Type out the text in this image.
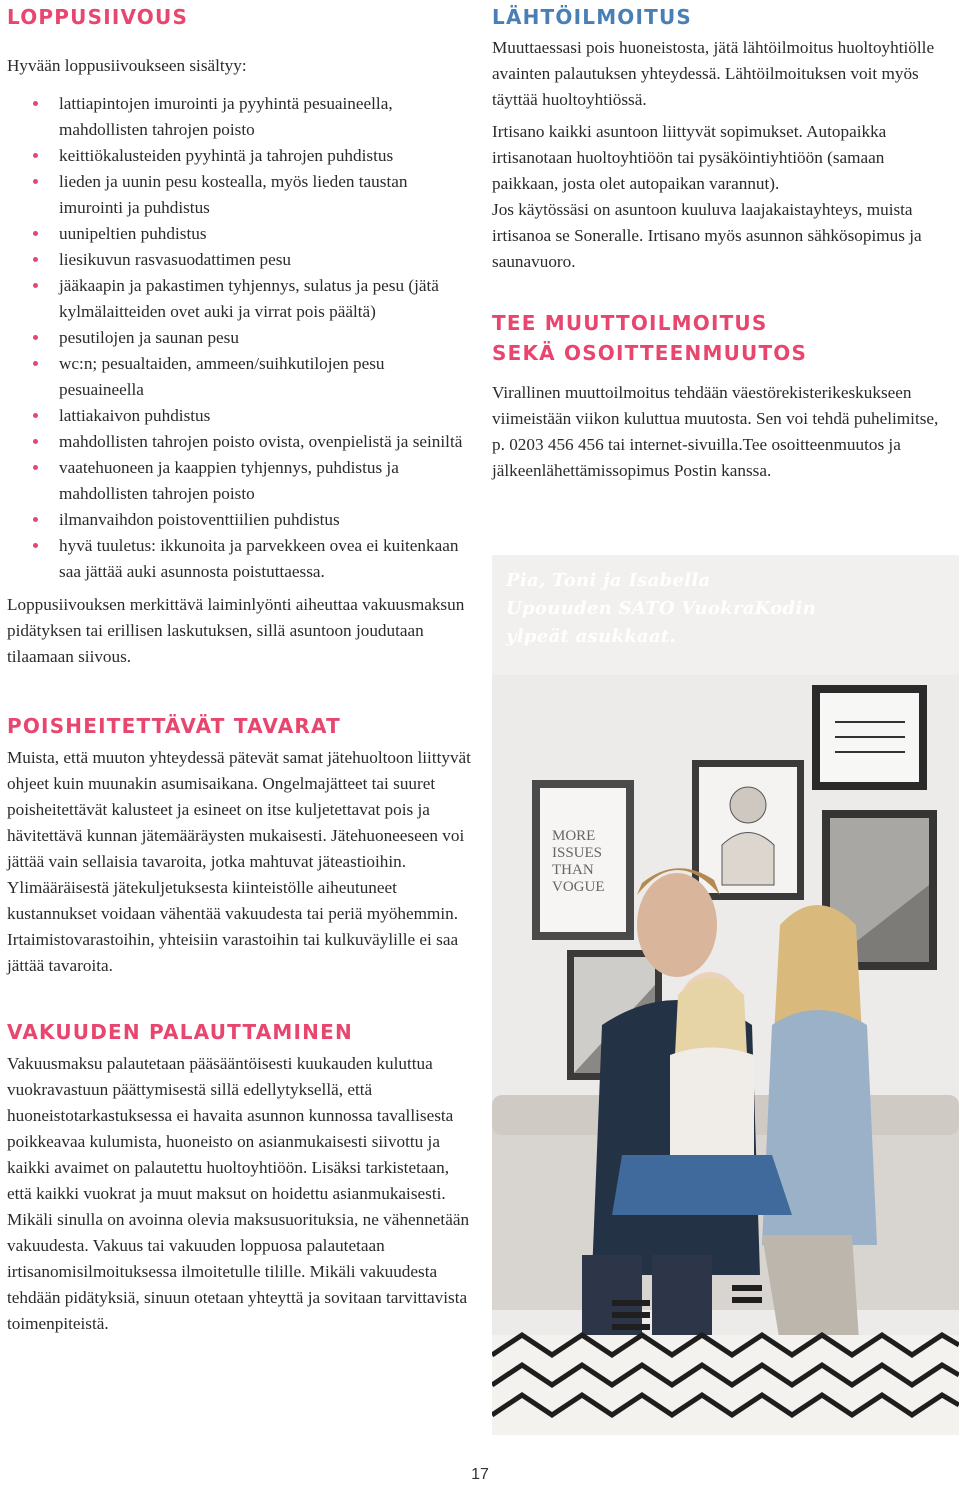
LOPPUSIIVOUS

Hyvään loppusiivoukseen sisältyy:

lattiapintojen imurointi ja pyyhintä pesuaineella, mahdollisten tahrojen poisto
keittiökalusteiden pyyhintä ja tahrojen puhdistus
lieden ja uunin pesu kostealla, myös lieden taustan imurointi ja puhdistus
uunipeltien puhdistus
liesikuvun rasvasuodattimen pesu
jääkaapin ja pakastimen tyhjennys, sulatus ja pesu (jätä kylmälaitteiden ovet auki ja virrat pois päältä)
pesutilojen ja saunan pesu
wc:n; pesualtaiden, ammeen/suihkutilojen pesu pesuaineella
lattiakaivon puhdistus
mahdollisten tahrojen poisto ovista, ovenpielistä ja seiniltä
vaatehuoneen ja kaappien tyhjennys, puhdistus ja mahdollisten tahrojen poisto
ilmanvaihdon poistoventtiilien puhdistus
hyvä tuuletus: ikkunoita ja parvekkeen ovea ei kuitenkaan saa jättää auki asunnosta poistuttaessa.

Loppusiivouksen merkittävä laiminlyönti aiheuttaa vakuusmaksun pidätyksen tai erillisen laskutuksen, sillä asuntoon joudutaan tilaamaan siivous.

POISHEITETTÄVÄT TAVARAT

Muista, että muuton yhteydessä pätevät samat jätehuoltoon liittyvät ohjeet kuin muunakin asumisaikana. Ongelmajätteet tai suuret poisheitettävät kalusteet ja esineet on itse kuljetettavat pois ja hävitettävä kunnan jätemääräysten mukaisesti. Jätehuoneeseen voi jättää vain sellaisia tavaroita, jotka mahtuvat jäteastioihin. Ylimääräisestä jätekuljetuksesta kiinteistölle aiheutuneet kustannukset voidaan vähentää vakuudesta tai periä myöhemmin. Irtaimistovarastoihin, yhteisiin varastoihin tai kulkuväylille ei saa jättää tavaroita.

VAKUUDEN PALAUTTAMINEN

Vakuusmaksu palautetaan pääsääntöisesti kuukauden kuluttua vuokravastuun päättymisestä sillä edellytyksellä, että huoneistotarkastuksessa ei havaita asunnon kunnossa tavallisesta poikkeavaa kulumista, huoneisto on asianmukaisesti siivottu ja kaikki avaimet on palautettu huoltoyhtiöön. Lisäksi tarkistetaan, että kaikki vuokrat ja muut maksut on hoidettu asianmukaisesti. Mikäli sinulla on avoinna olevia maksusuorituksia, ne vähennetään vakuudesta. Vakuus tai vakuuden loppuosa palautetaan irtisanomisilmoituksessa ilmoitetulle tilille. Mikäli vakuudesta tehdään pidätyksiä, sinuun otetaan yhteyttä ja sovitaan tarvittavista toimenpiteistä.

LÄHTÖILMOITUS

Muuttaessasi pois huoneistosta, jätä lähtöilmoitus huoltoyhtiölle avainten palautuksen yhteydessä. Lähtöilmoituksen voit myös täyttää huoltoyhtiössä.

Irtisano kaikki asuntoon liittyvät sopimukset. Autopaikka irtisanotaan huoltoyhtiöön tai pysäköintiyhtiöön (samaan paikkaan, josta olet autopaikan varannut).

Jos käytössäsi on asuntoon kuuluva laajakaistayhteys, muista irtisanoa se Soneralle. Irtisano myös asunnon sähkösopimus ja saunavuoro.

TEE MUUTTOILMOITUS
SEKÄ OSOITTEENMUUTOS

Virallinen muuttoilmoitus tehdään väestörekisterikeskukseen viimeistään viikon kuluttua muutosta. Sen voi tehdä puhelimitse, p. 0203 456 456 tai internet-sivuilla.Tee osoitteenmuutos ja jälkeenlähettämissopimus Postin kanssa.

MORE
ISSUES
THAN
VOGUE
Pia, Toni ja Isabella
Upouuden SATO VuokraKodin
ylpeät asukkaat.
17
